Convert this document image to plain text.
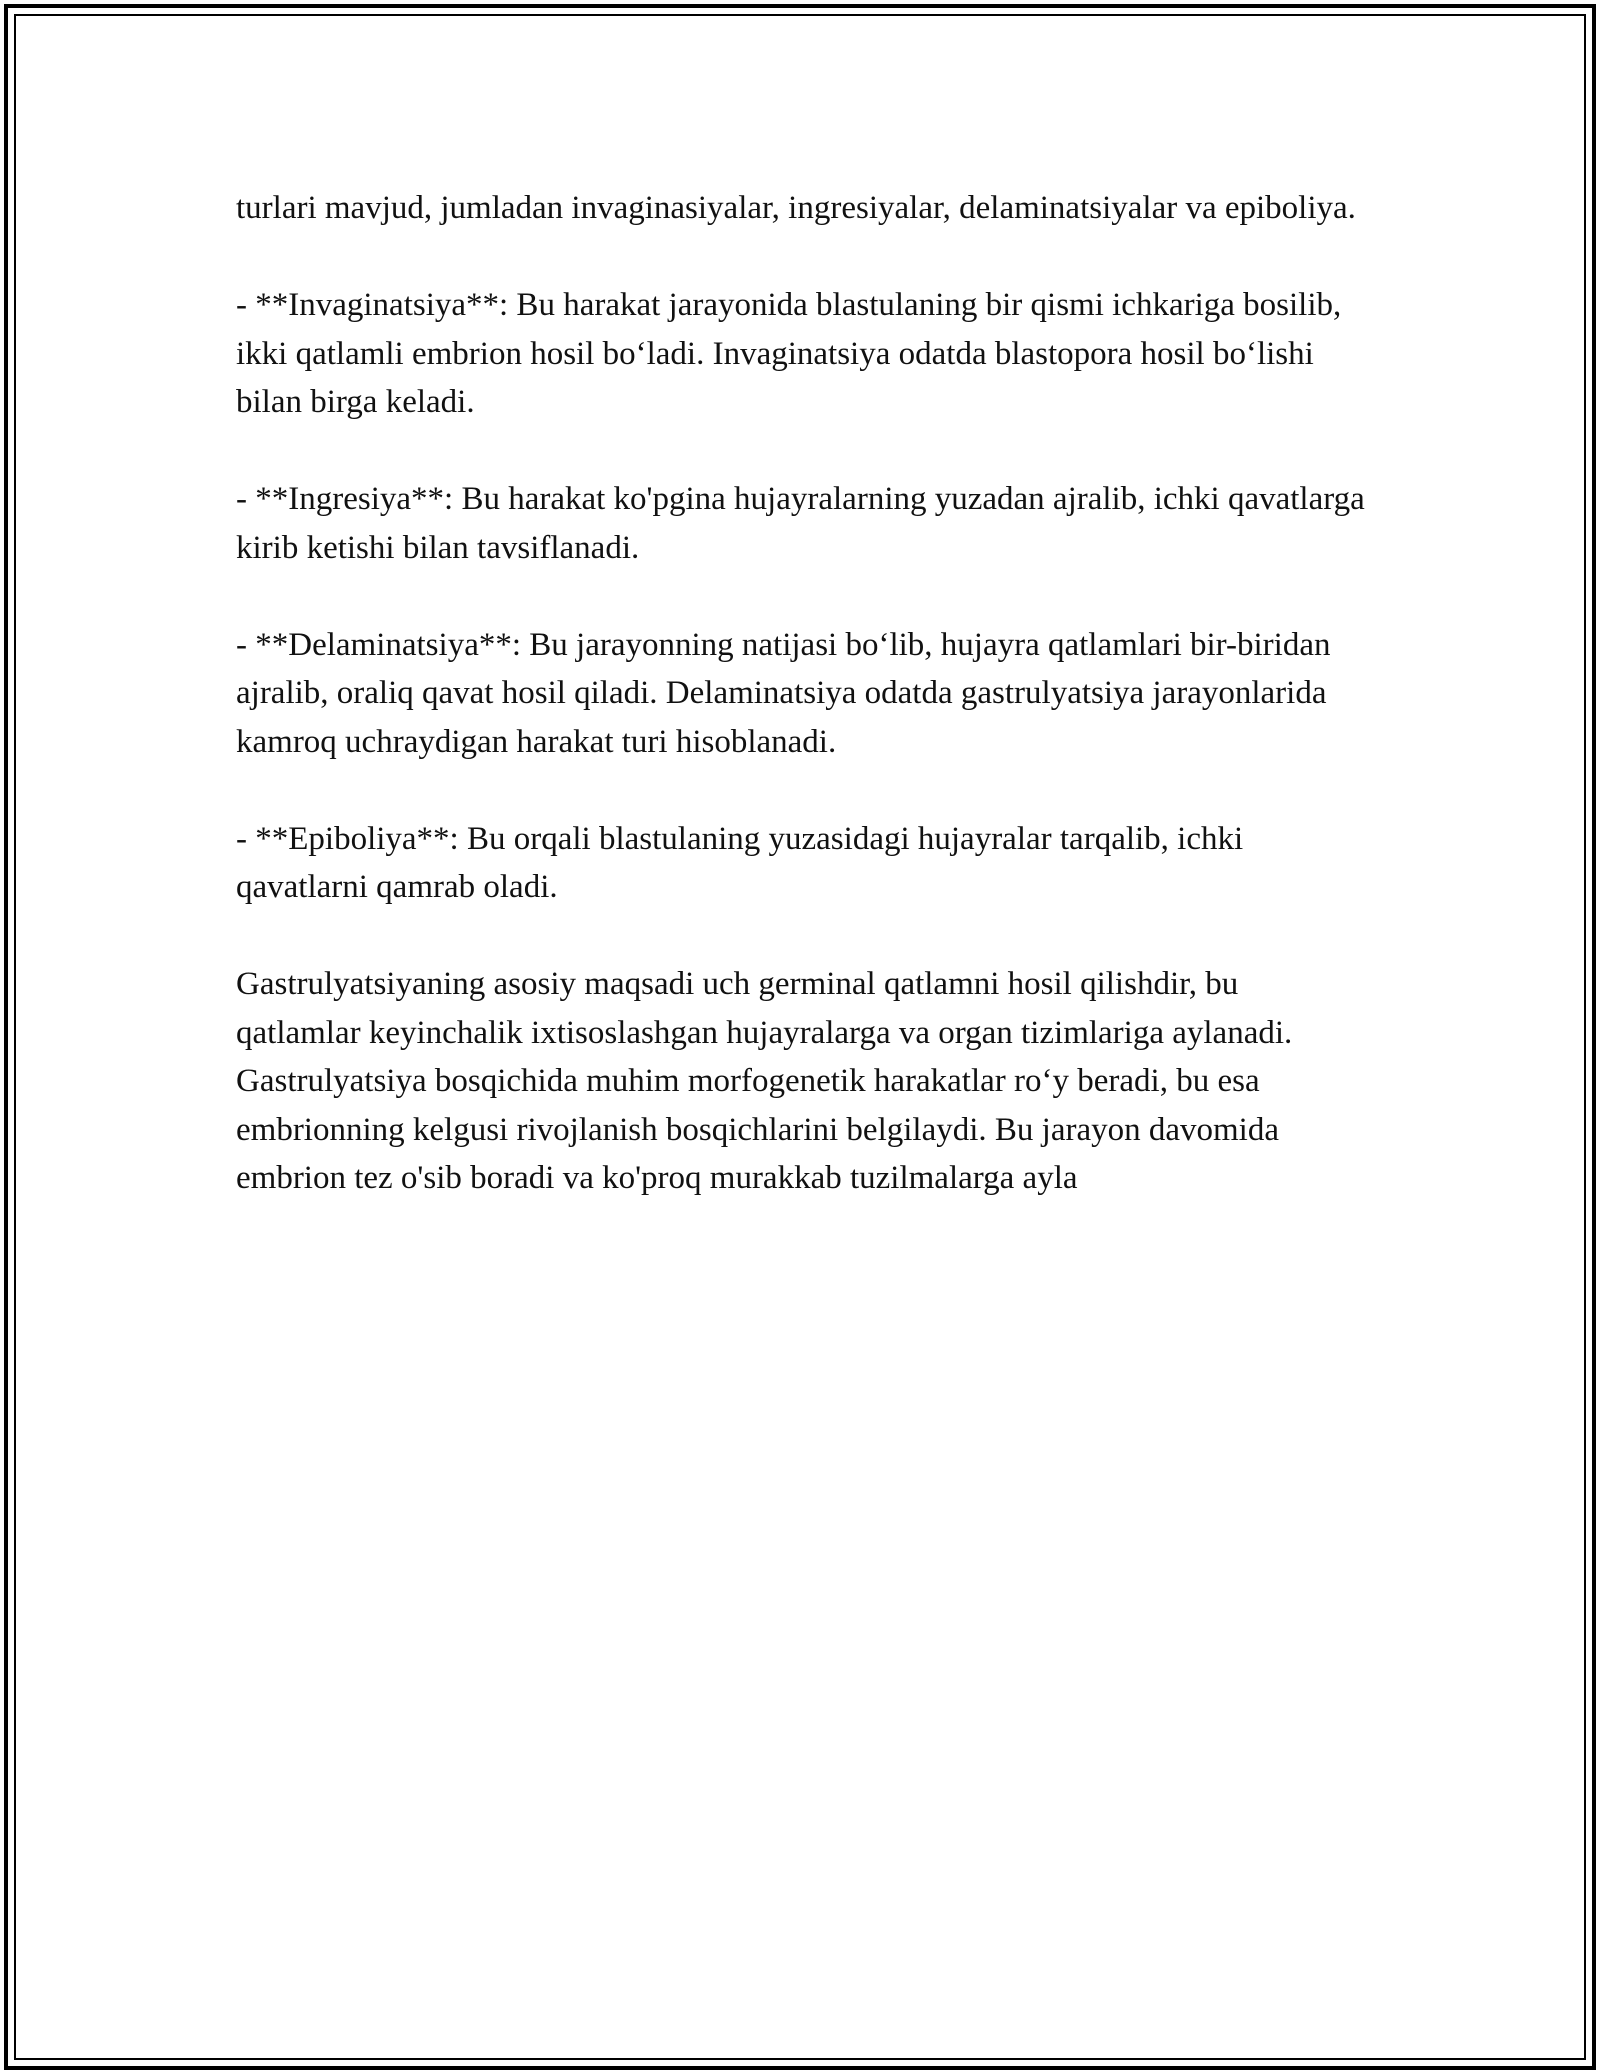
turlari mavjud, jumladan invaginasiyalar, ingresiyalar, delaminatsiyalar va epiboliya.

- **Invaginatsiya**: Bu harakat jarayonida blastulaning bir qismi ichkariga bosilib, ikki qatlamli embrion hosil bo‘ladi. Invaginatsiya odatda blastopora hosil bo‘lishi bilan birga keladi.

- **Ingresiya**: Bu harakat ko'pgina hujayralarning yuzadan ajralib, ichki qavatlarga kirib ketishi bilan tavsiflanadi.

- **Delaminatsiya**: Bu jarayonning natijasi bo‘lib, hujayra qatlamlari bir-biridan ajralib, oraliq qavat hosil qiladi. Delaminatsiya odatda gastrulyatsiya jarayonlarida kamroq uchraydigan harakat turi hisoblanadi.

- **Epiboliya**: Bu orqali blastulaning yuzasidagi hujayralar tarqalib, ichki qavatlarni qamrab oladi.

Gastrulyatsiyaning asosiy maqsadi uch germinal qatlamni hosil qilishdir, bu qatlamlar keyinchalik ixtisoslashgan hujayralarga va organ tizimlariga aylanadi. Gastrulyatsiya bosqichida muhim morfogenetik harakatlar ro‘y beradi, bu esa embrionning kelgusi rivojlanish bosqichlarini belgilaydi. Bu jarayon davomida embrion tez o'sib boradi va ko'proq murakkab tuzilmalarga ayla
